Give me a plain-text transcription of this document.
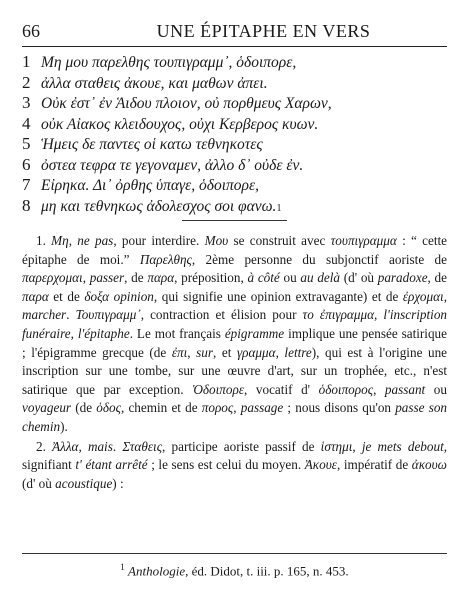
66	UNE ÉPITAPHE EN VERS
1 Μη μου παρελθης τουπιγραμμ᾽, ὁδοιπορε,
2 ἀλλα σταθεις ἀκουε, και μαθων ἀπει.
3 Οὐκ ἐστ᾽ ἐν Ἁιδου πλοιον, οὐ πορθμευς Χαρων,
4 οὐκ Αἰακος κλειδουχος, οὐχι Κερβερος κυων.
5 Ἡμεις δε παντες οἱ κατω τεθνηκοτες
6 ὀστεα τεφρα τε γεγοναμεν, ἀλλο δ᾽ οὐδε ἐν.
7 Εἰρηκα. Δι᾽ ὀρθης ὑπαγε, ὁδοιπορε,
8 μη και τεθνηκως ἀδολεσχος σοι φανω. 1

1. Μη, ne pas, pour interdire. Μου se construit avec τουπιγραμμα : “ cette épitaphe de moi.” Παρελθης, 2ème personne du subjonctif aoriste de παρερχομαι, passer, de παρα, préposition, à côté ou au delà (d' où paradoxe, de παρα et de δοξα opinion, qui signifie une opinion extravagante) et de ἐρχομαι, marcher. Τουπιγραμμ᾽, contraction et élision pour το ἐπιγραμμα, l'inscription funéraire, l'épitaphe. Le mot français épigramme implique une pensée satirique ; l'épigramme grecque (de ἐπι, sur, et γραμμα, lettre), qui est à l'origine une inscription sur une tombe, sur une œuvre d'art, sur un trophée, etc., n'est satirique que par exception. Ὁδοιπορε, vocatif d' ὁδοιπορος, passant ou voyageur (de ὁδος, chemin et de πορος, passage ; nous disons qu'on passe son chemin).

2. Ἀλλα, mais. Σταθεις, participe aoriste passif de ἱστημι, je mets debout, signifiant t' étant arrêté ; le sens est celui du moyen. Ἀκουε, impératif de ἀκουω (d' où acoustique) :

$^1$ Anthologie, éd. Didot, t. iii. p. 165, n. 453.
